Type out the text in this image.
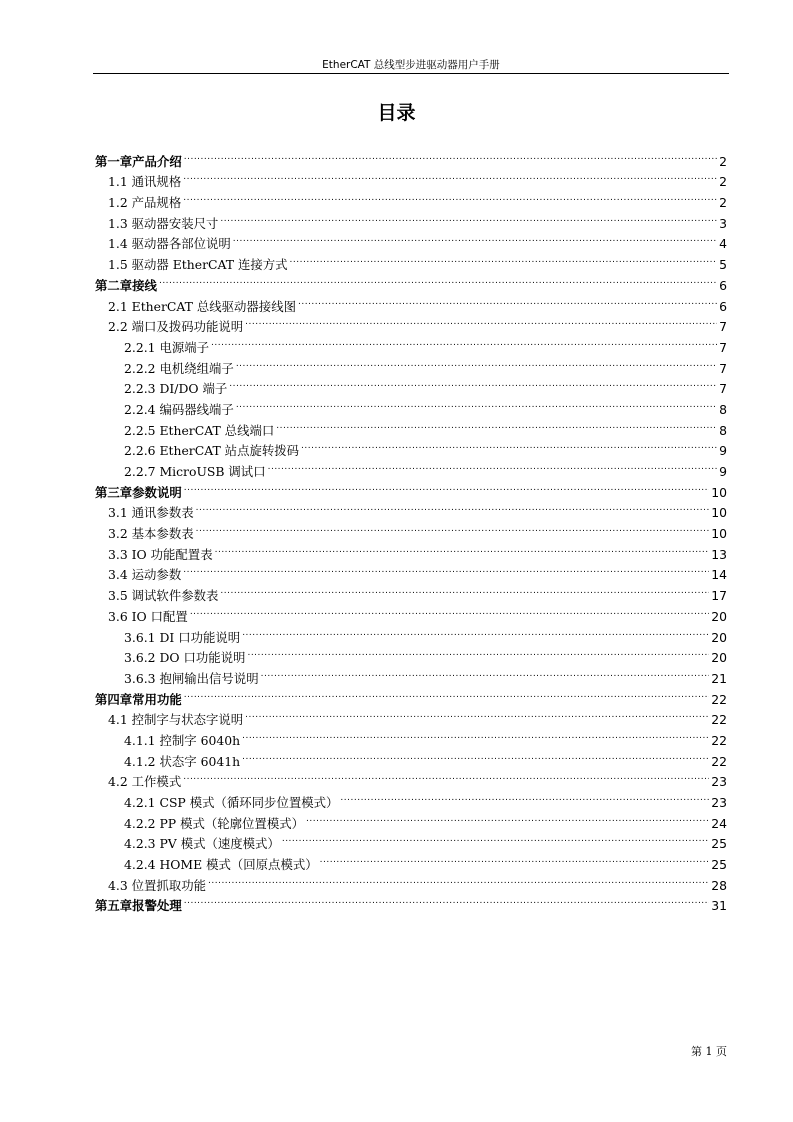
EtherCAT 总线型步进驱动器用户手册
目录
第一章产品介绍 .....	2
1.1 通讯规格 .....	2
1.2 产品规格 .....	2
1.3 驱动器安装尺寸 .....	3
1.4 驱动器各部位说明 .....	4
1.5 驱动器 EtherCAT 连接方式 .....	5
第二章接线 .....	6
2.1 EtherCAT 总线驱动器接线图 .....	6
2.2 端口及拨码功能说明 .....	7
2.2.1 电源端子 .....	7
2.2.2 电机绕组端子 .....	7
2.2.3 DI/DO 端子 .....	7
2.2.4 编码器线端子 .....	8
2.2.5 EtherCAT 总线端口 .....	8
2.2.6 EtherCAT 站点旋转拨码 .....	9
2.2.7 MicroUSB 调试口 .....	9
第三章参数说明 .....	10
3.1 通讯参数表 .....	10
3.2 基本参数表 .....	10
3.3 IO 功能配置表 .....	13
3.4 运动参数 .....	14
3.5 调试软件参数表 .....	17
3.6 IO 口配置 .....	20
3.6.1 DI 口功能说明 .....	20
3.6.2 DO 口功能说明 .....	20
3.6.3 抱闸输出信号说明 .....	21
第四章常用功能 .....	22
4.1 控制字与状态字说明 .....	22
4.1.1 控制字 6040h .....	22
4.1.2 状态字 6041h .....	22
4.2 工作模式 .....	23
4.2.1 CSP 模式（循环同步位置模式） .....	23
4.2.2 PP 模式（轮廓位置模式） .....	24
4.2.3 PV 模式（速度模式） .....	25
4.2.4 HOME 模式（回原点模式） .....	25
4.3 位置抓取功能 .....	28
第五章报警处理 .....	31
第 1 页
